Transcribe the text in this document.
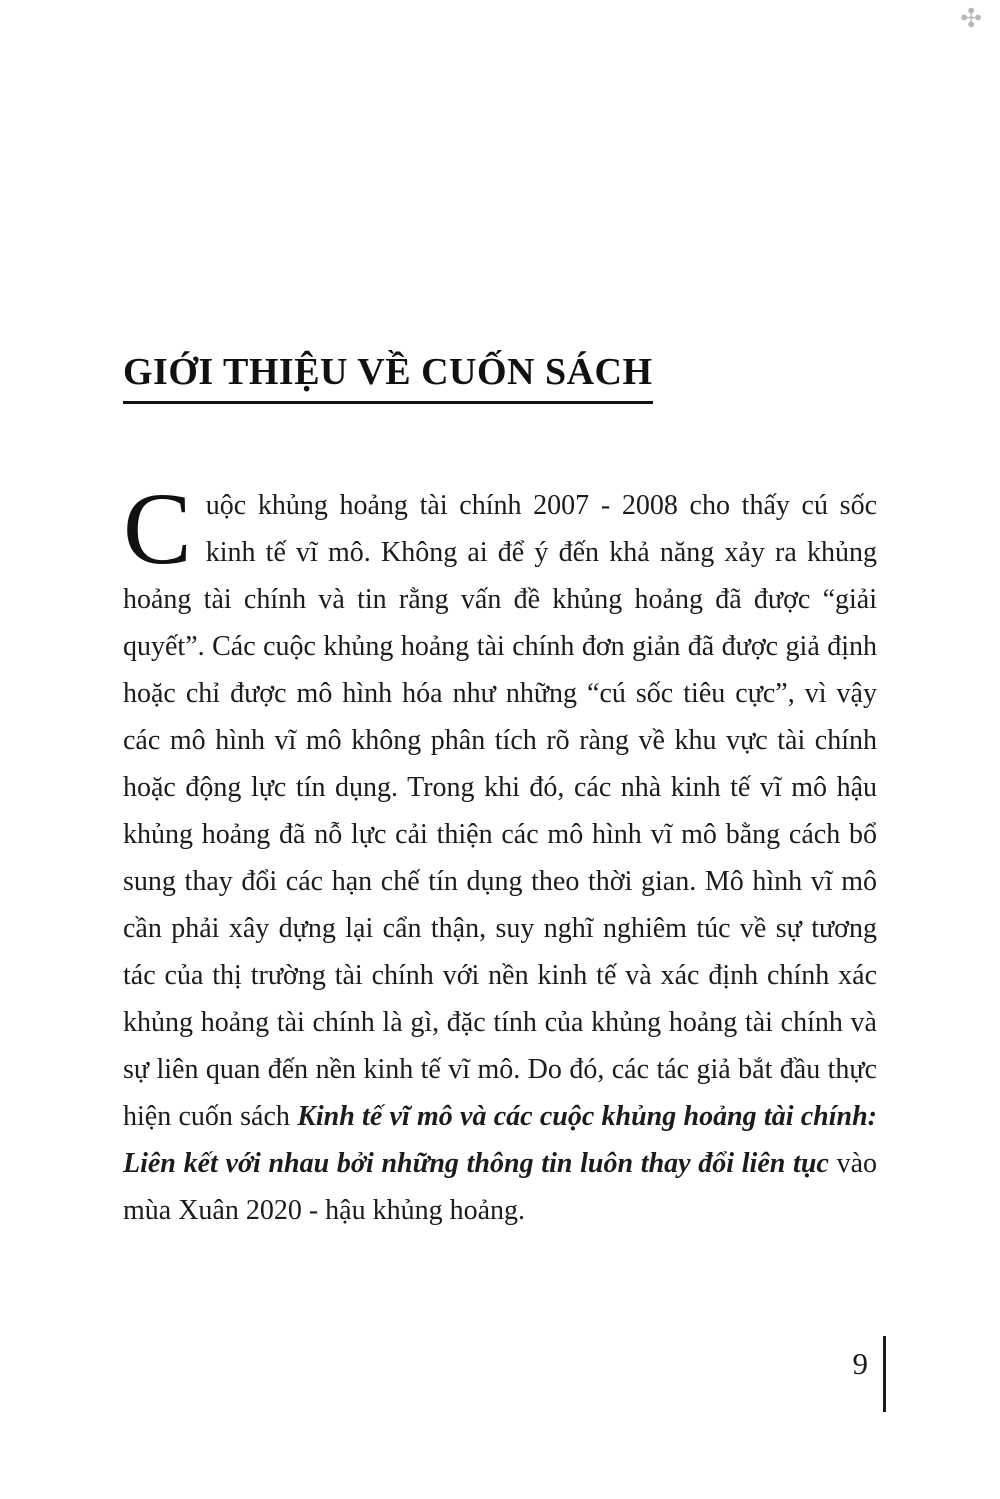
✣
GIỚI THIỆU VỀ CUỐN SÁCH
Cuộc khủng hoảng tài chính 2007 - 2008 cho thấy cú sốc kinh tế vĩ mô. Không ai để ý đến khả năng xảy ra khủng hoảng tài chính và tin rằng vấn đề khủng hoảng đã được “giải quyết”. Các cuộc khủng hoảng tài chính đơn giản đã được giả định hoặc chỉ được mô hình hóa như những “cú sốc tiêu cực”, vì vậy các mô hình vĩ mô không phân tích rõ ràng về khu vực tài chính hoặc động lực tín dụng. Trong khi đó, các nhà kinh tế vĩ mô hậu khủng hoảng đã nỗ lực cải thiện các mô hình vĩ mô bằng cách bổ sung thay đổi các hạn chế tín dụng theo thời gian. Mô hình vĩ mô cần phải xây dựng lại cẩn thận, suy nghĩ nghiêm túc về sự tương tác của thị trường tài chính với nền kinh tế và xác định chính xác khủng hoảng tài chính là gì, đặc tính của khủng hoảng tài chính và sự liên quan đến nền kinh tế vĩ mô. Do đó, các tác giả bắt đầu thực hiện cuốn sách Kinh tế vĩ mô và các cuộc khủng hoảng tài chính: Liên kết với nhau bởi những thông tin luôn thay đổi liên tục vào mùa Xuân 2020 - hậu khủng hoảng.
9
